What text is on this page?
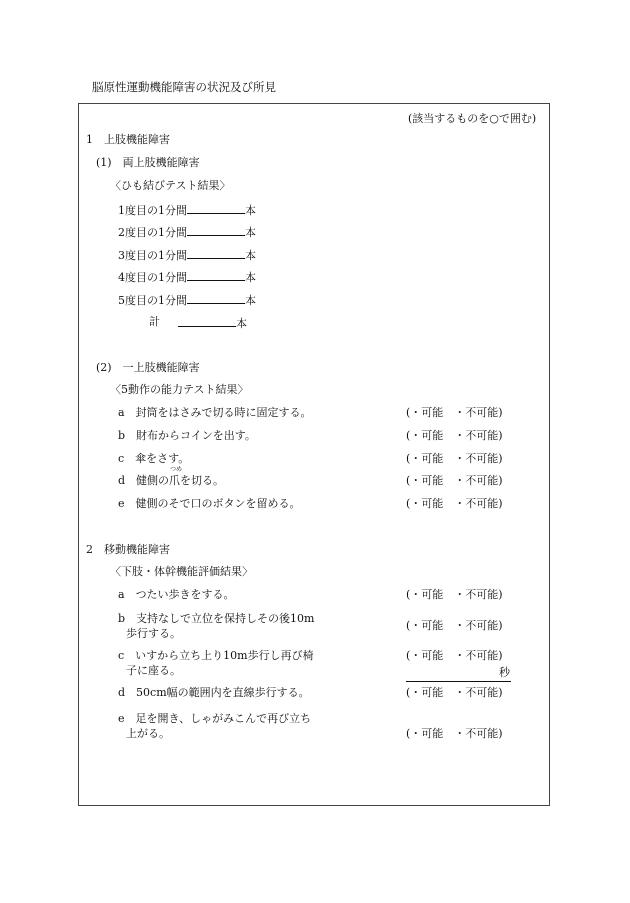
脳原性運動機能障害の状況及び所見
(該当するものを○で囲む)
1　上肢機能障害
(1)　両上肢機能障害
〈ひも結びテスト結果〉
1度目の1分間	本
2度目の1分間	本
3度目の1分間	本
4度目の1分間	本
5度目の1分間	本
計	本
(2)　一上肢機能障害
〈5動作の能力テスト結果〉
a　 封筒をはさみで切る時に固定する。	(・可能　・不可能)
b　 財布からコインを出す。	(・可能　・不可能)
c　 傘をさす。	(・可能　・不可能)
つめ
d　 健側の爪を切る。	(・可能　・不可能)
e　 健側のそで口のボタンを留める。	(・可能　・不可能)
2　移動機能障害
〈下肢・体幹機能評価結果〉
a　 つたい歩きをする。	(・可能　・不可能)
b　 支持なしで立位を保持しその後10m
歩行する。
(・可能　・不可能)
c　 いすから立ち上り10m歩行し再び椅
子に座る。
(・可能　・不可能)
秒
d　 50cm幅の範囲内を直線歩行する。	(・可能　・不可能)
e　 足を開き、しゃがみこんで再び立ち
上がる。	(・可能　・不可能)
